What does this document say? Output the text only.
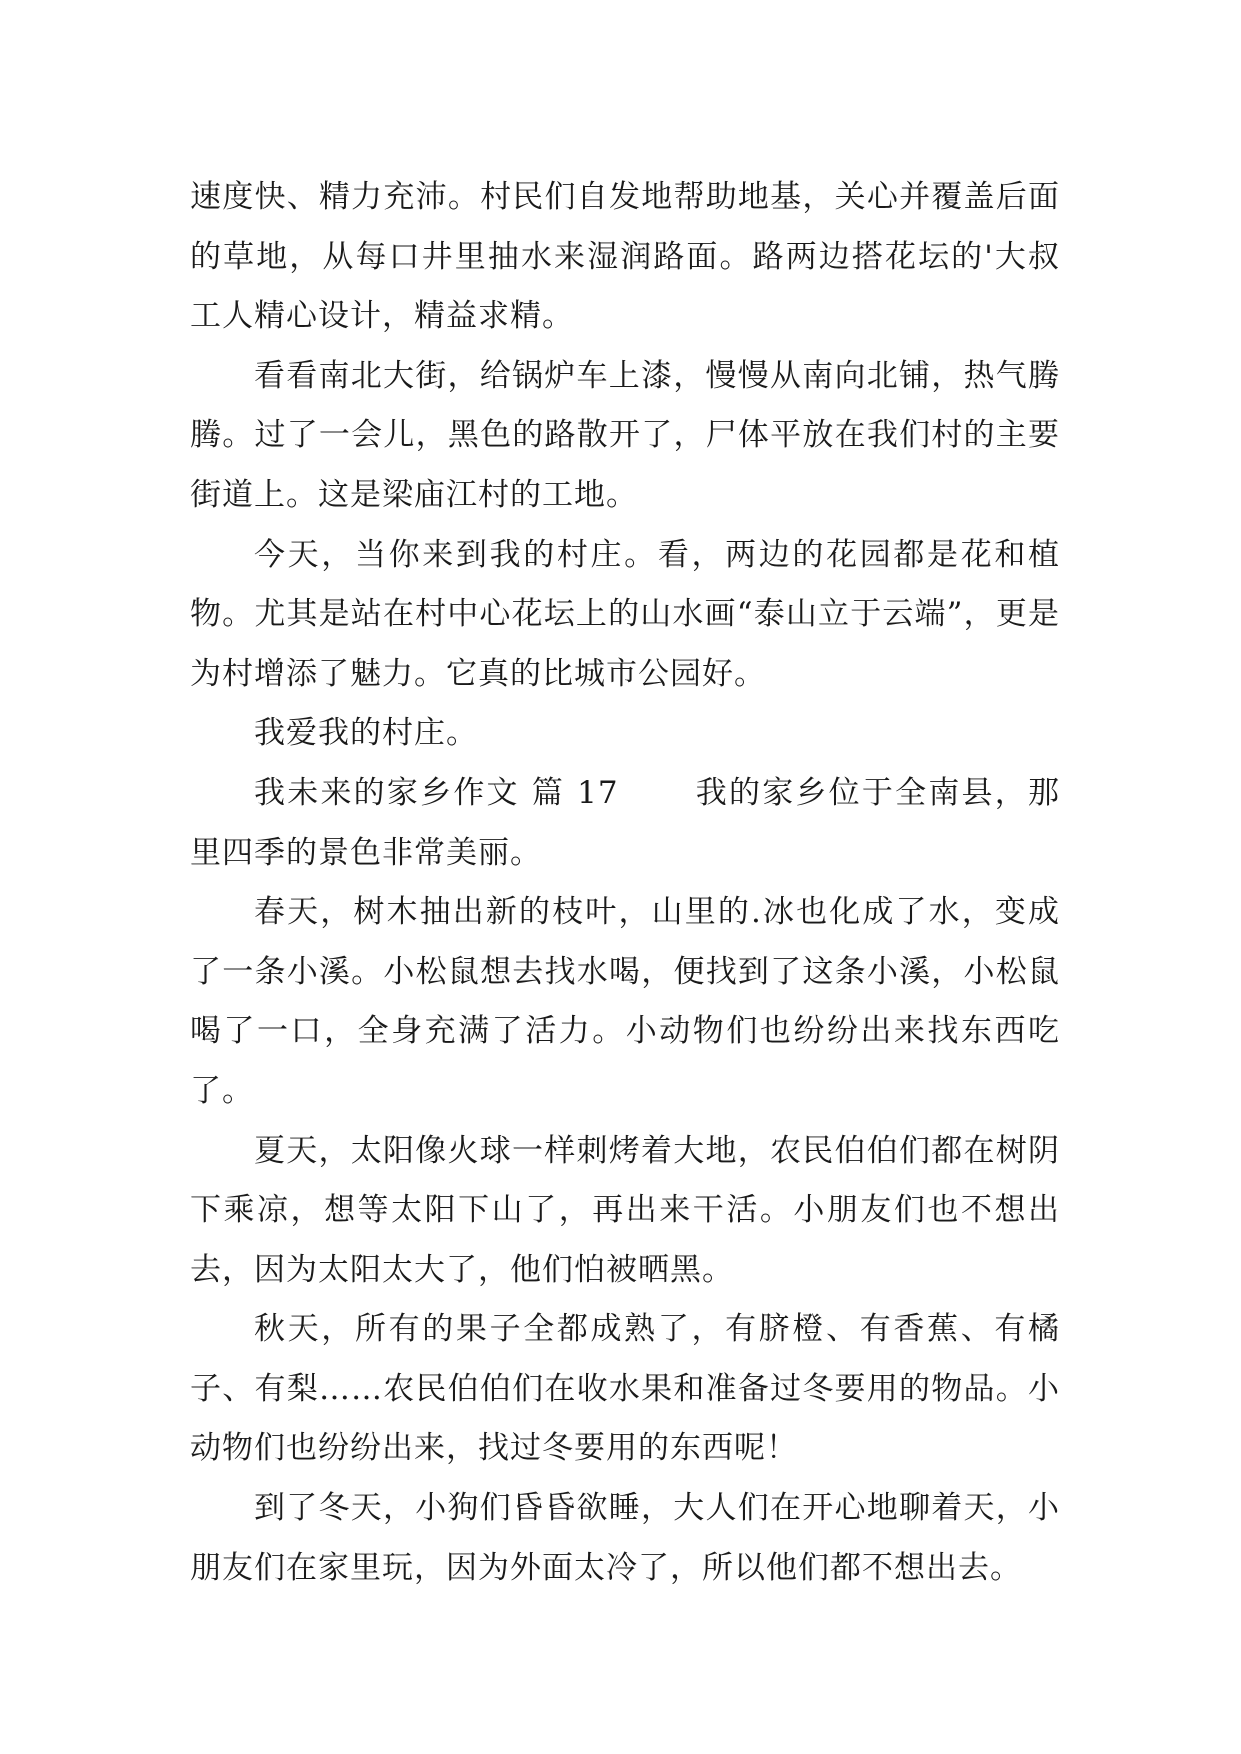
速度快、精力充沛。村民们自发地帮助地基，关心并覆盖后面的草地，从每口井里抽水来湿润路面。路两边搭花坛的'大叔工人精心设计，精益求精。

看看南北大街，给锅炉车上漆，慢慢从南向北铺，热气腾腾。过了一会儿，黑色的路散开了，尸体平放在我们村的主要街道上。这是梁庙江村的工地。

今天，当你来到我的村庄。看，两边的花园都是花和植物。尤其是站在村中心花坛上的山水画“泰山立于云端”，更是为村增添了魅力。它真的比城市公园好。

我爱我的村庄。

我未来的家乡作文 篇 17 我的家乡位于全南县，那里四季的景色非常美丽。

春天，树木抽出新的枝叶，山里的.冰也化成了水，变成了一条小溪。小松鼠想去找水喝，便找到了这条小溪，小松鼠喝了一口，全身充满了活力。小动物们也纷纷出来找东西吃了。

夏天，太阳像火球一样刺烤着大地，农民伯伯们都在树阴下乘凉，想等太阳下山了，再出来干活。小朋友们也不想出去，因为太阳太大了，他们怕被晒黑。

秋天，所有的果子全都成熟了，有脐橙、有香蕉、有橘子、有梨……农民伯伯们在收水果和准备过冬要用的物品。小动物们也纷纷出来，找过冬要用的东西呢！

到了冬天，小狗们昏昏欲睡，大人们在开心地聊着天，小朋友们在家里玩，因为外面太冷了，所以他们都不想出去。
